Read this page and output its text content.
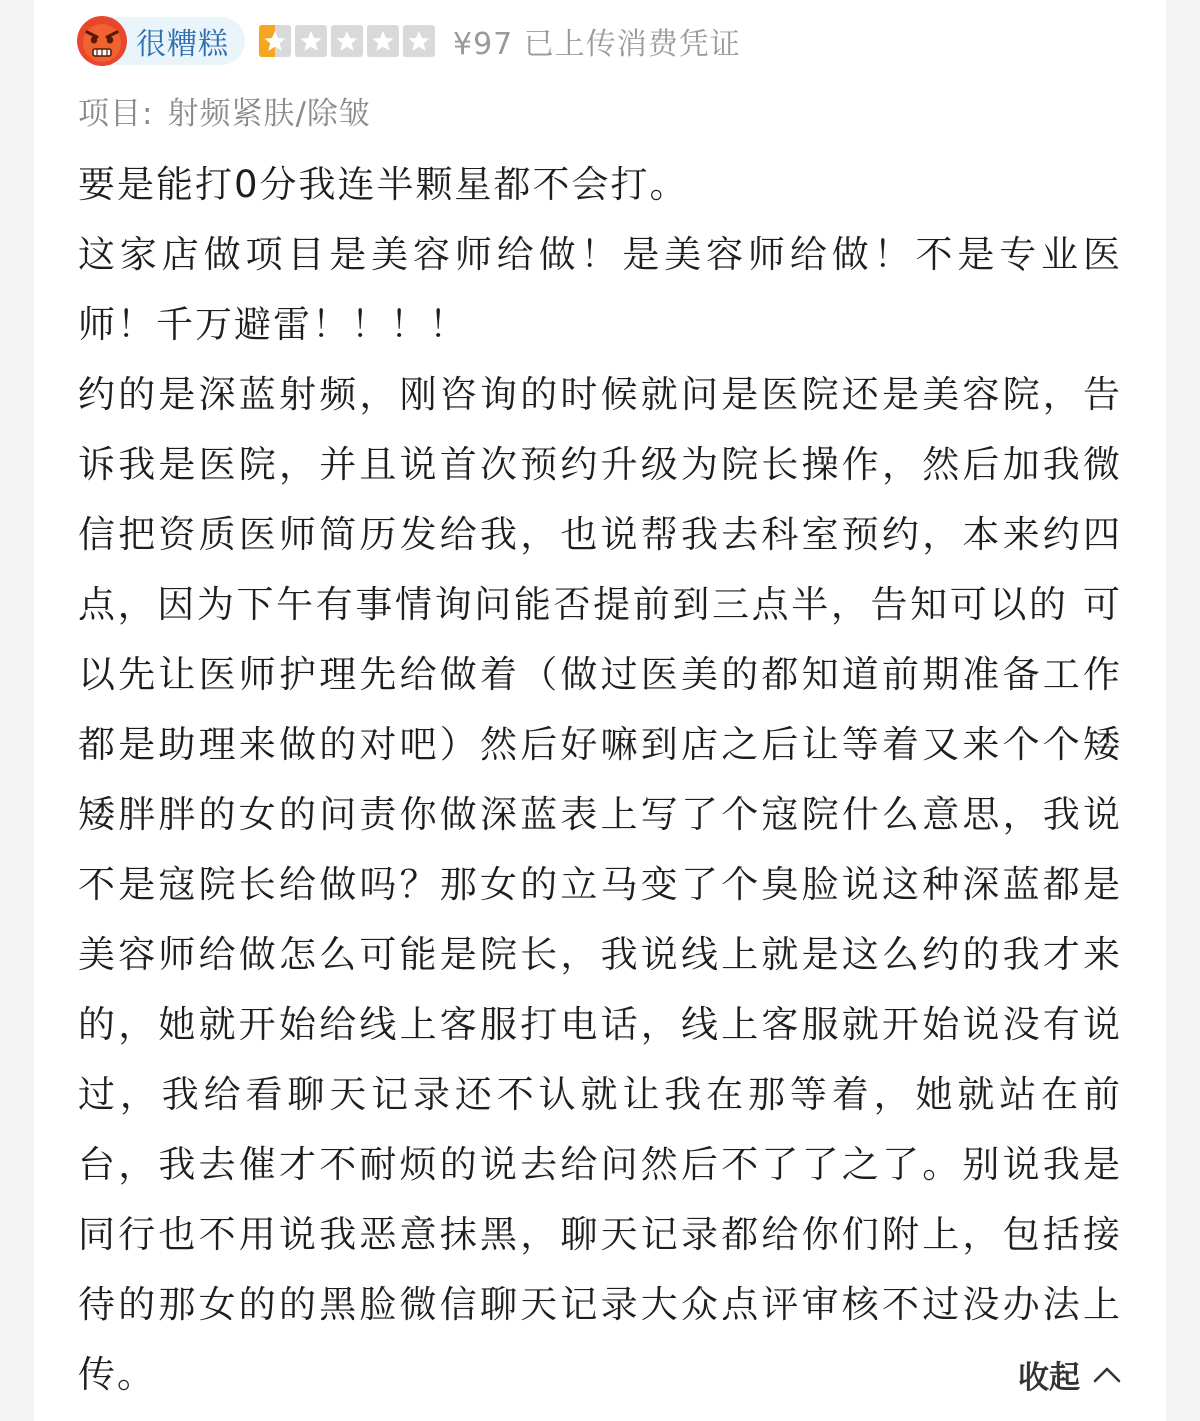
很糟糕	¥97 已上传消费凭证
项目: 射频紧肤/除皱

要是能打0分我连半颗星都不会打。

这家店做项目是美容师给做！是美容师给做！不是专业医师！千万避雷！！！！

约的是深蓝射频，刚咨询的时候就问是医院还是美容院，告诉我是医院，并且说首次预约升级为院长操作，然后加我微信把资质医师简历发给我，也说帮我去科室预约，本来约四点，因为下午有事情询问能否提前到三点半，告知可以的 可以先让医师护理先给做着（做过医美的都知道前期准备工作都是助理来做的对吧）然后好嘛到店之后让等着又来个个矮矮胖胖的女的问责你做深蓝表上写了个寇院什么意思，我说不是寇院长给做吗？那女的立马变了个臭脸说这种深蓝都是美容师给做怎么可能是院长，我说线上就是这么约的我才来的，她就开始给线上客服打电话，线上客服就开始说没有说过，我给看聊天记录还不认就让我在那等着，她就站在前台，我去催才不耐烦的说去给问然后不了了之了。别说我是同行也不用说我恶意抹黑，聊天记录都给你们附上，包括接待的那女的的黑脸微信聊天记录大众点评审核不过没办法上传。	收起
